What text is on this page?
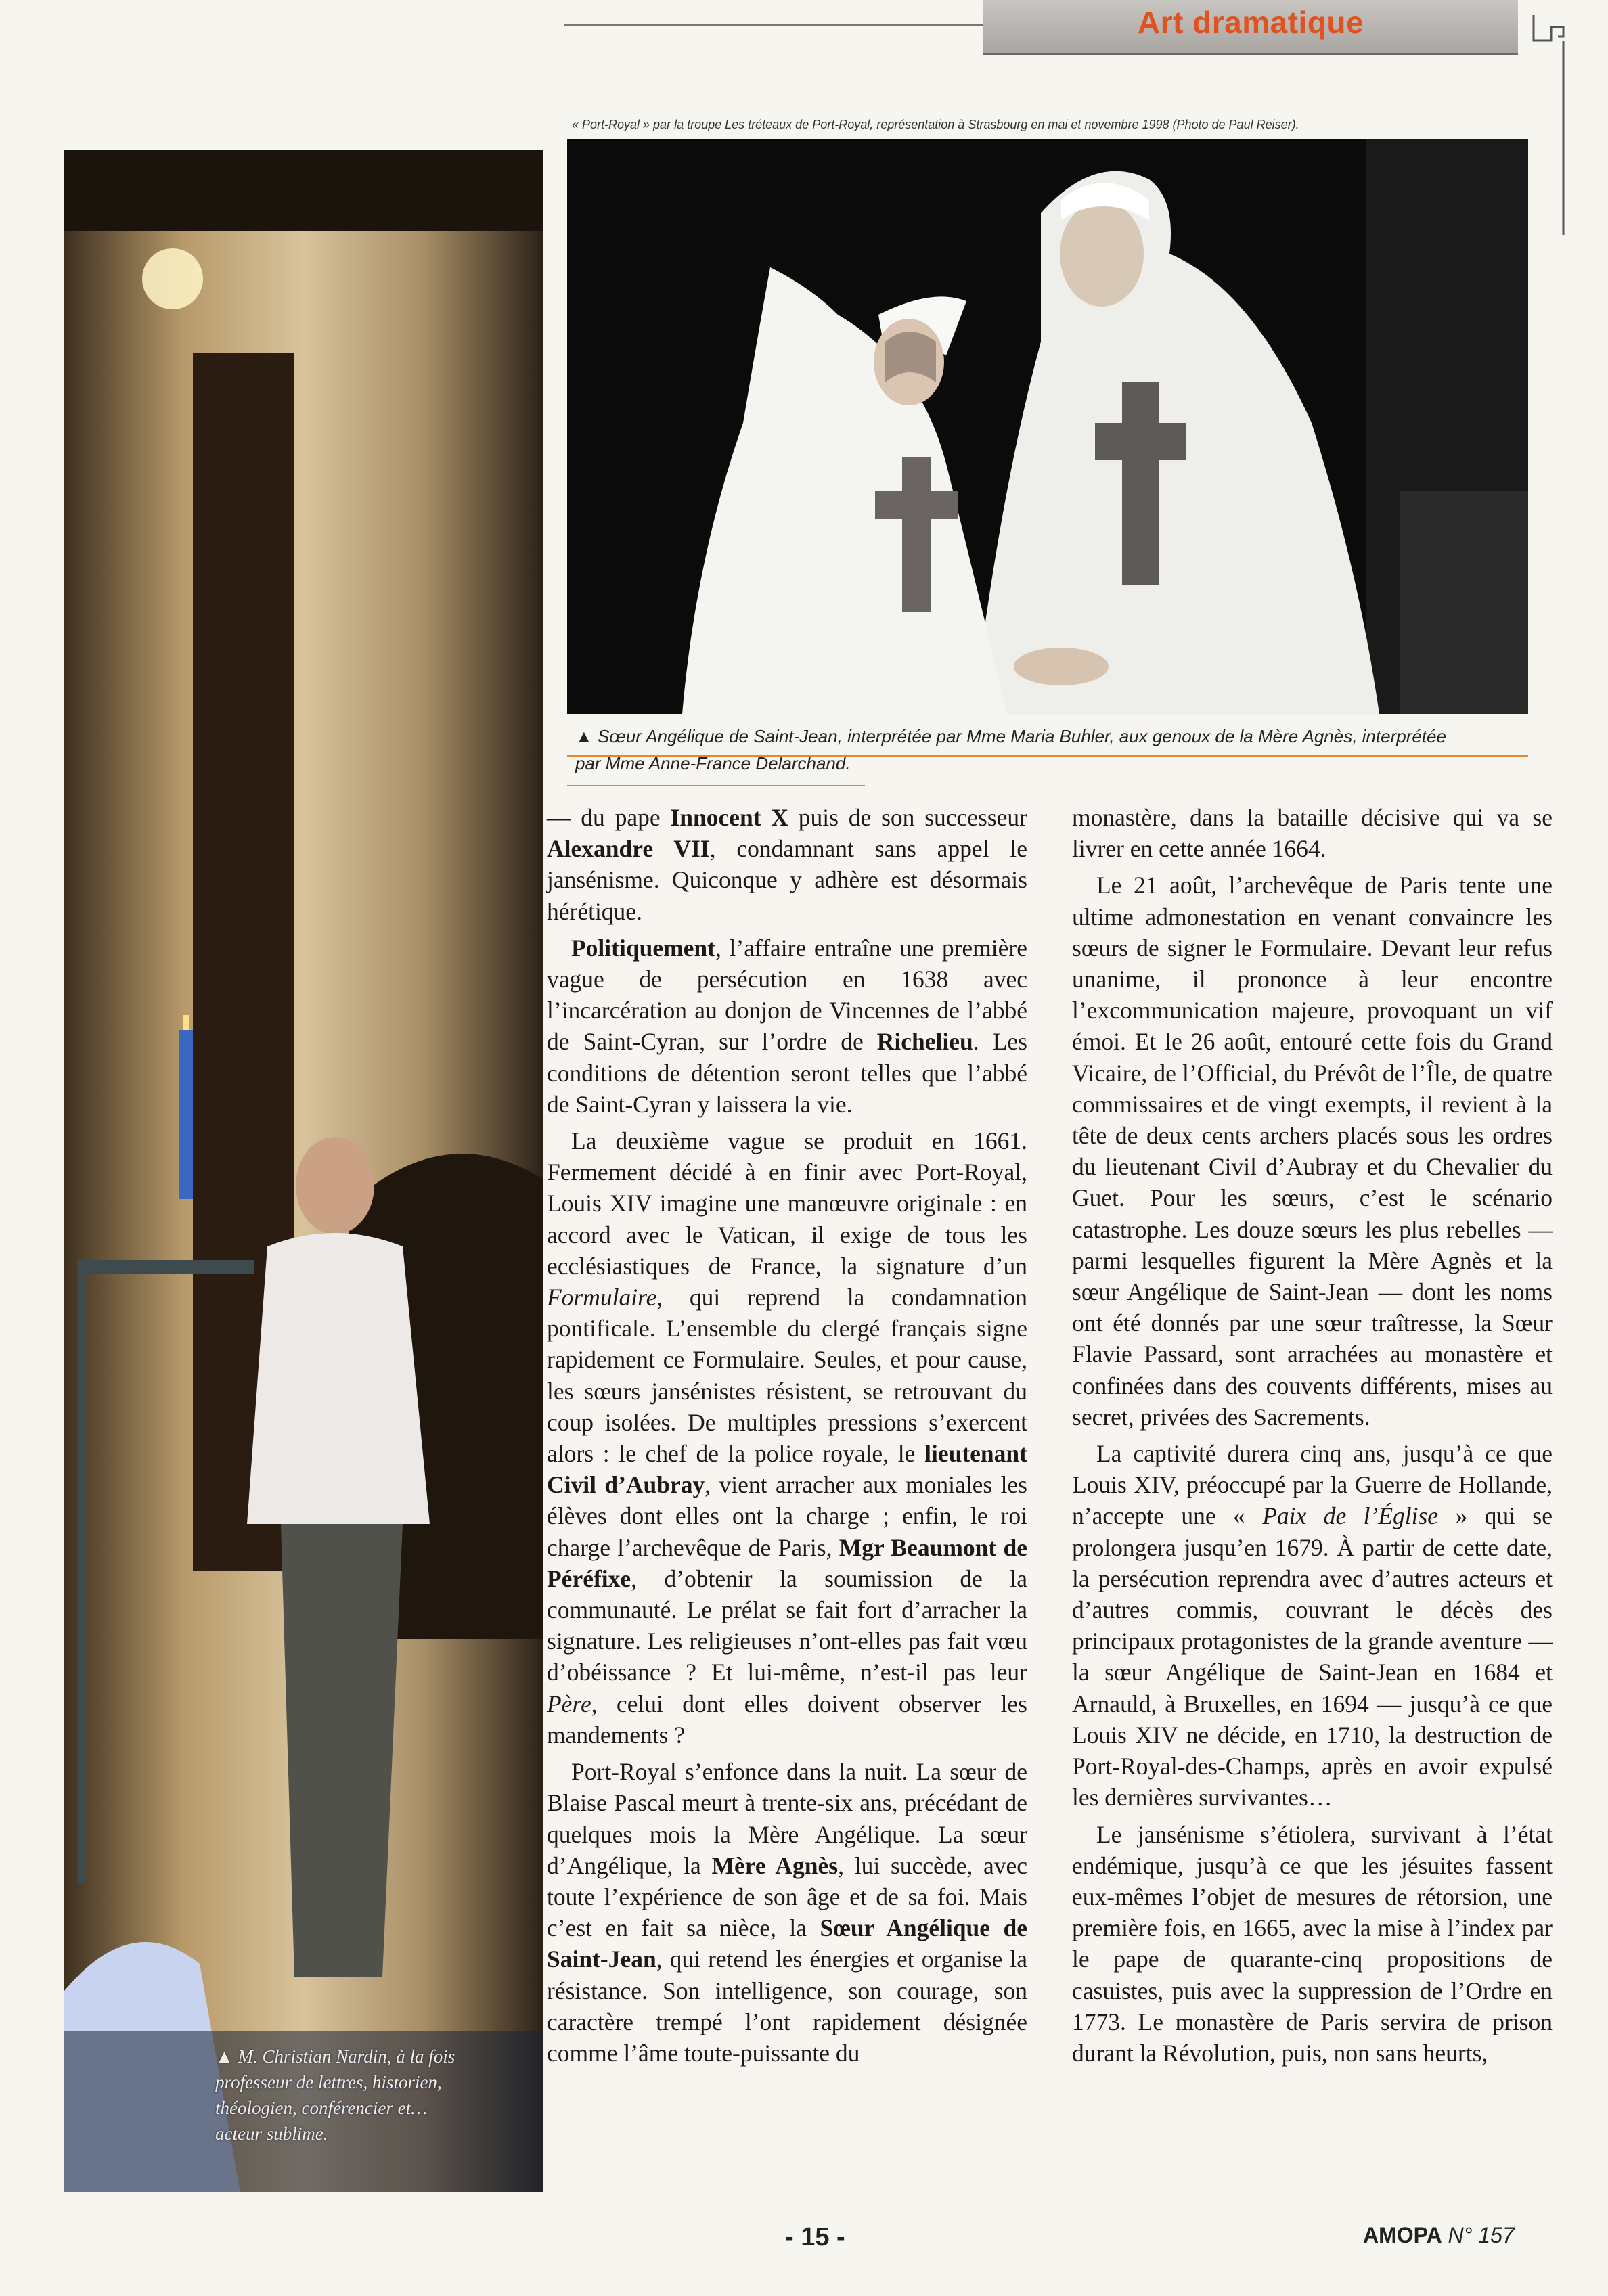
Art dramatique
« Port-Royal » par la troupe Les tréteaux de Port-Royal, représentation à Strasbourg en mai et novembre 1998 (Photo de Paul Reiser).
▲ Sœur Angélique de Saint-Jean, interprétée par Mme Maria Buhler, aux genoux de la Mère Agnès, interprétée
par Mme Anne-France Delarchand.
▲ M. Christian Nardin, à la fois
professeur de lettres, historien,
théologien, conférencier et…
acteur sublime.

— du pape Innocent X puis de son successeur Alexandre VII, condamnant sans appel le jansénisme. Quiconque y adhère est désormais hérétique.

Politiquement, l’affaire entraîne une première vague de persécution en 1638 avec l’incarcération au donjon de Vincennes de l’abbé de Saint-Cyran, sur l’ordre de Richelieu. Les conditions de détention seront telles que l’abbé de Saint-Cyran y laissera la vie.

La deuxième vague se produit en 1661. Fermement décidé à en finir avec Port-Royal, Louis XIV imagine une manœuvre originale : en accord avec le Vatican, il exige de tous les ecclésiastiques de France, la signature d’un Formulaire, qui reprend la condamnation pontificale. L’ensemble du clergé français signe rapidement ce Formulaire. Seules, et pour cause, les sœurs jansénistes résistent, se retrouvant du coup isolées. De multiples pressions s’exercent alors : le chef de la police royale, le lieutenant Civil d’Aubray, vient arracher aux moniales les élèves dont elles ont la charge ; enfin, le roi charge l’archevêque de Paris, Mgr Beaumont de Péréfixe, d’obtenir la soumission de la communauté. Le prélat se fait fort d’arracher la signature. Les religieuses n’ont-elles pas fait vœu d’obéissance ? Et lui-même, n’est-il pas leur Père, celui dont elles doivent observer les mandements ?

Port-Royal s’enfonce dans la nuit. La sœur de Blaise Pascal meurt à trente-six ans, précédant de quelques mois la Mère Angélique. La sœur d’Angélique, la Mère Agnès, lui succède, avec toute l’expérience de son âge et de sa foi. Mais c’est en fait sa nièce, la Sœur Angélique de Saint-Jean, qui retend les énergies et organise la résistance. Son intelligence, son courage, son caractère trempé l’ont rapidement désignée comme l’âme toute-puissante du

monastère, dans la bataille décisive qui va se livrer en cette année 1664.

Le 21 août, l’archevêque de Paris tente une ultime admonestation en venant convaincre les sœurs de signer le Formulaire. Devant leur refus unanime, il prononce à leur encontre l’excommunication majeure, provoquant un vif émoi. Et le 26 août, entouré cette fois du Grand Vicaire, de l’Official, du Prévôt de l’Île, de quatre commissaires et de vingt exempts, il revient à la tête de deux cents archers placés sous les ordres du lieutenant Civil d’Aubray et du Chevalier du Guet. Pour les sœurs, c’est le scénario catastrophe. Les douze sœurs les plus rebelles — parmi lesquelles figurent la Mère Agnès et la sœur Angélique de Saint-Jean — dont les noms ont été donnés par une sœur traîtresse, la Sœur Flavie Passard, sont arrachées au monastère et confinées dans des couvents différents, mises au secret, privées des Sacrements.

La captivité durera cinq ans, jusqu’à ce que Louis XIV, préoccupé par la Guerre de Hollande, n’accepte une « Paix de l’Église » qui se prolongera jusqu’en 1679. À partir de cette date, la persécution reprendra avec d’autres acteurs et d’autres commis, couvrant le décès des principaux protagonistes de la grande aventure — la sœur Angélique de Saint-Jean en 1684 et Arnauld, à Bruxelles, en 1694 — jusqu’à ce que Louis XIV ne décide, en 1710, la destruction de Port-Royal-des-Champs, après en avoir expulsé les dernières survivantes…

Le jansénisme s’étiolera, survivant à l’état endémique, jusqu’à ce que les jésuites fassent eux-mêmes l’objet de mesures de rétorsion, une première fois, en 1665, avec la mise à l’index par le pape de quarante-cinq propositions de casuistes, puis avec la suppression de l’Ordre en 1773. Le monastère de Paris servira de prison durant la Révolution, puis, non sans heurts,

- 15 -	AMOPA N° 157
